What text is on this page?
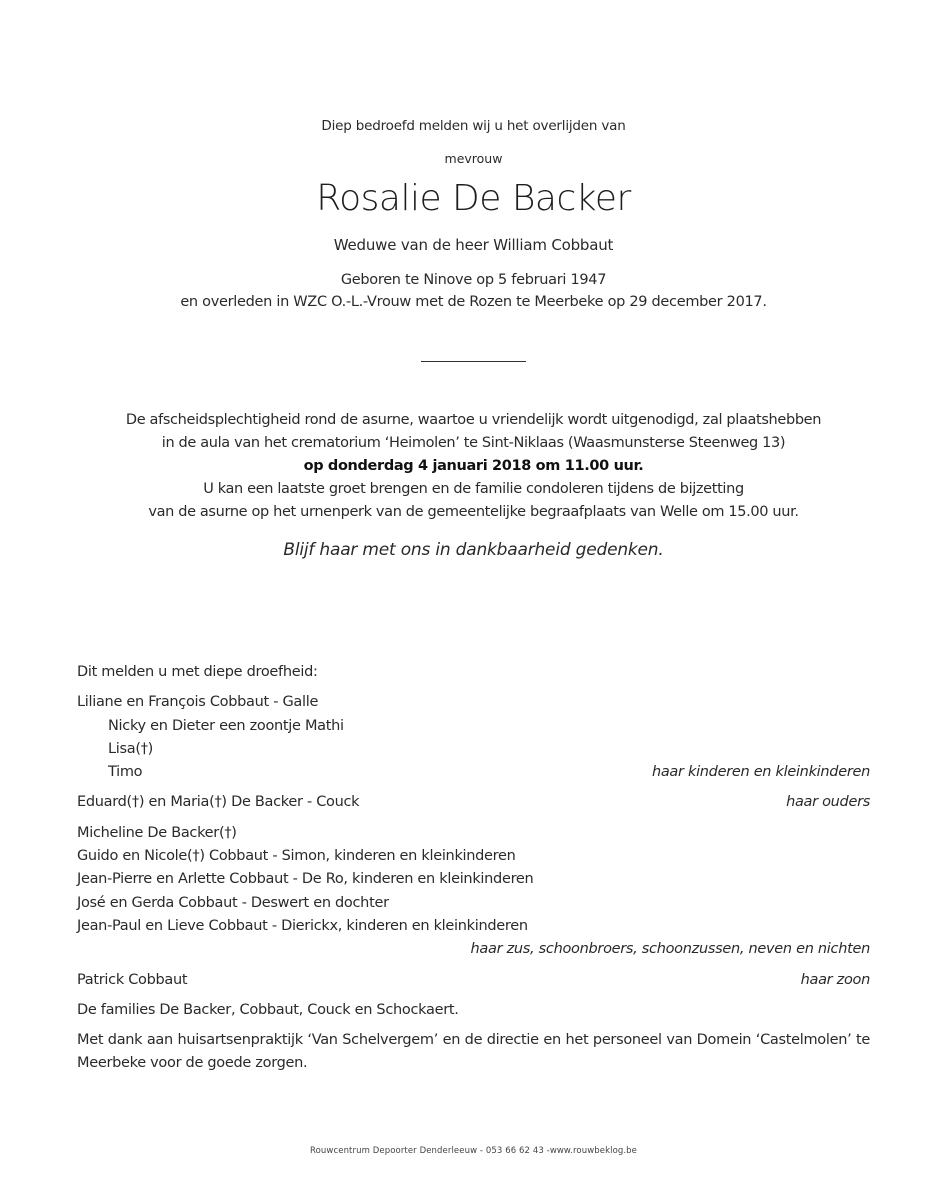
Diep bedroefd melden wij u het overlijden van
mevrouw
Rosalie De Backer
Weduwe van de heer William Cobbaut
Geboren te Ninove op 5 februari 1947
en overleden in WZC O.-L.-Vrouw met de Rozen te Meerbeke op 29 december 2017.
De afscheidsplechtigheid rond de asurne, waartoe u vriendelijk wordt uitgenodigd, zal plaatshebben
in de aula van het crematorium ‘Heimolen’ te Sint-Niklaas (Waasmunsterse Steenweg 13)
op donderdag 4 januari 2018 om 11.00 uur.
U kan een laatste groet brengen en de familie condoleren tijdens de bijzetting
van de asurne op het urnenperk van de gemeentelijke begraafplaats van Welle om 15.00 uur.
Blijf haar met ons in dankbaarheid gedenken.
Dit melden u met diepe droefheid:
Liliane en François Cobbaut - Galle
Nicky en Dieter een zoontje Mathi
Lisa(†)
Timo	haar kinderen en kleinkinderen
Eduard(†) en Maria(†) De Backer - Couck	haar ouders
Micheline De Backer(†)
Guido en Nicole(†) Cobbaut - Simon, kinderen en kleinkinderen
Jean-Pierre en Arlette Cobbaut - De Ro, kinderen en kleinkinderen
José en Gerda Cobbaut - Deswert en dochter
Jean-Paul en Lieve Cobbaut - Dierickx, kinderen en kleinkinderen
haar zus, schoonbroers, schoonzussen, neven en nichten
Patrick Cobbaut	haar zoon
De families De Backer, Cobbaut, Couck en Schockaert.
Met dank aan huisartsenpraktijk ‘Van Schelvergem’ en de directie en het personeel van Domein ‘Castelmolen’ te Meerbeke voor de goede zorgen.
Rouwcentrum Depoorter Denderleeuw - 053 66 62 43 -www.rouwbeklog.be
